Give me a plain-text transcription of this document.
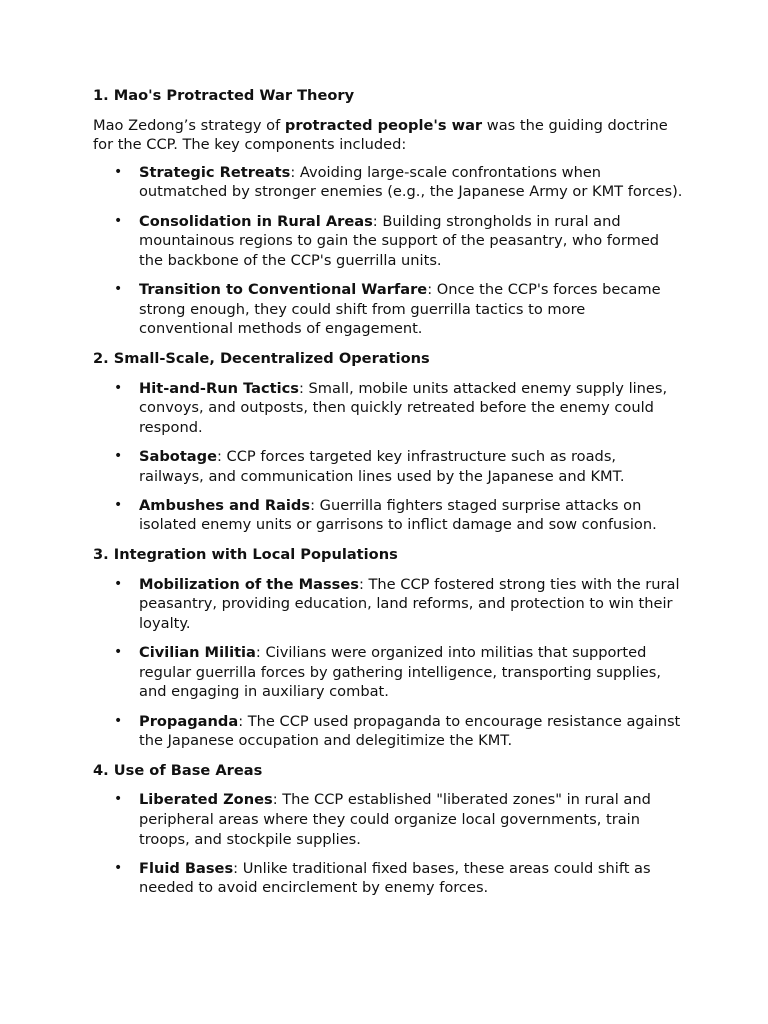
1. Mao's Protracted War Theory

Mao Zedong’s strategy of protracted people's war was the guiding doctrine for the CCP. The key components included:

• Strategic Retreats: Avoiding large-scale confrontations when outmatched by stronger enemies (e.g., the Japanese Army or KMT forces).
• Consolidation in Rural Areas: Building strongholds in rural and mountainous regions to gain the support of the peasantry, who formed the backbone of the CCP's guerrilla units.
• Transition to Conventional Warfare: Once the CCP's forces became strong enough, they could shift from guerrilla tactics to more conventional methods of engagement.
2. Small-Scale, Decentralized Operations
• Hit-and-Run Tactics: Small, mobile units attacked enemy supply lines, convoys, and outposts, then quickly retreated before the enemy could respond.
• Sabotage: CCP forces targeted key infrastructure such as roads, railways, and communication lines used by the Japanese and KMT.
• Ambushes and Raids: Guerrilla fighters staged surprise attacks on isolated enemy units or garrisons to inflict damage and sow confusion.
3. Integration with Local Populations
• Mobilization of the Masses: The CCP fostered strong ties with the rural peasantry, providing education, land reforms, and protection to win their loyalty.
• Civilian Militia: Civilians were organized into militias that supported regular guerrilla forces by gathering intelligence, transporting supplies, and engaging in auxiliary combat.
• Propaganda: The CCP used propaganda to encourage resistance against the Japanese occupation and delegitimize the KMT.
4. Use of Base Areas
• Liberated Zones: The CCP established "liberated zones" in rural and peripheral areas where they could organize local governments, train troops, and stockpile supplies.
• Fluid Bases: Unlike traditional fixed bases, these areas could shift as needed to avoid encirclement by enemy forces.
